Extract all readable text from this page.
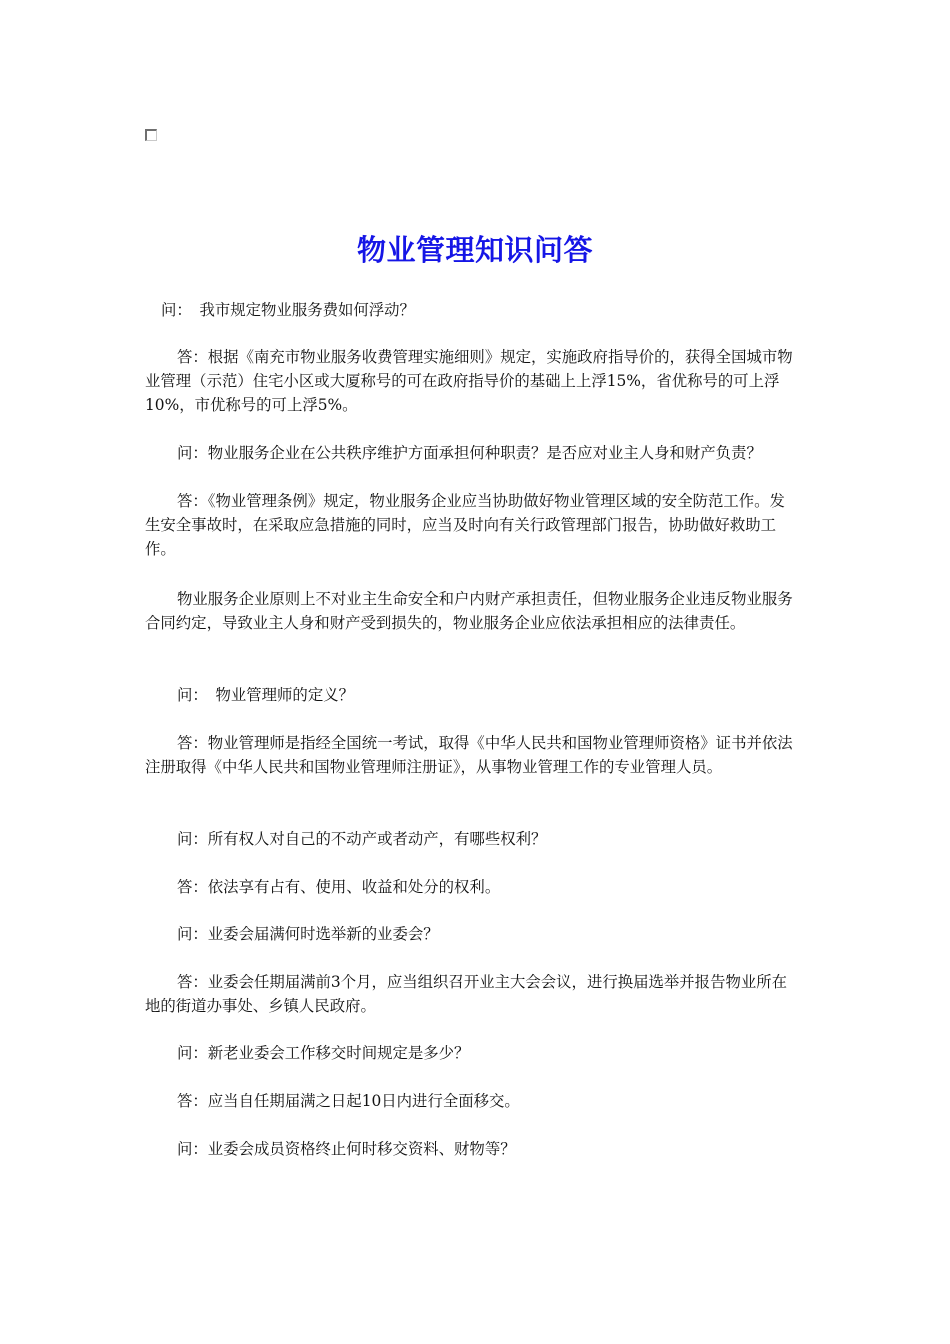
物业管理知识问答
问：　我市规定物业服务费如何浮动？
答：根据《南充市物业服务收费管理实施细则》规定，实施政府指导价的，获得全国城市物业管理（示范）住宅小区或大厦称号的可在政府指导价的基础上上浮15%，省优称号的可上浮10%，市优称号的可上浮5%。
问：物业服务企业在公共秩序维护方面承担何种职责？是否应对业主人身和财产负责？
答：《物业管理条例》规定，物业服务企业应当协助做好物业管理区域的安全防范工作。发生安全事故时，在采取应急措施的同时，应当及时向有关行政管理部门报告，协助做好救助工作。
物业服务企业原则上不对业主生命安全和户内财产承担责任，但物业服务企业违反物业服务合同约定，导致业主人身和财产受到损失的，物业服务企业应依法承担相应的法律责任。
问：　物业管理师的定义？
答：物业管理师是指经全国统一考试，取得《中华人民共和国物业管理师资格》证书并依法注册取得《中华人民共和国物业管理师注册证》，从事物业管理工作的专业管理人员。
问：所有权人对自己的不动产或者动产，有哪些权利？
答：依法享有占有、使用、收益和处分的权利。
问：业委会届满何时选举新的业委会？
答：业委会任期届满前3个月，应当组织召开业主大会会议，进行换届选举并报告物业所在地的街道办事处、乡镇人民政府。
问：新老业委会工作移交时间规定是多少？
答：应当自任期届满之日起10日内进行全面移交。
问：业委会成员资格终止何时移交资料、财物等？
